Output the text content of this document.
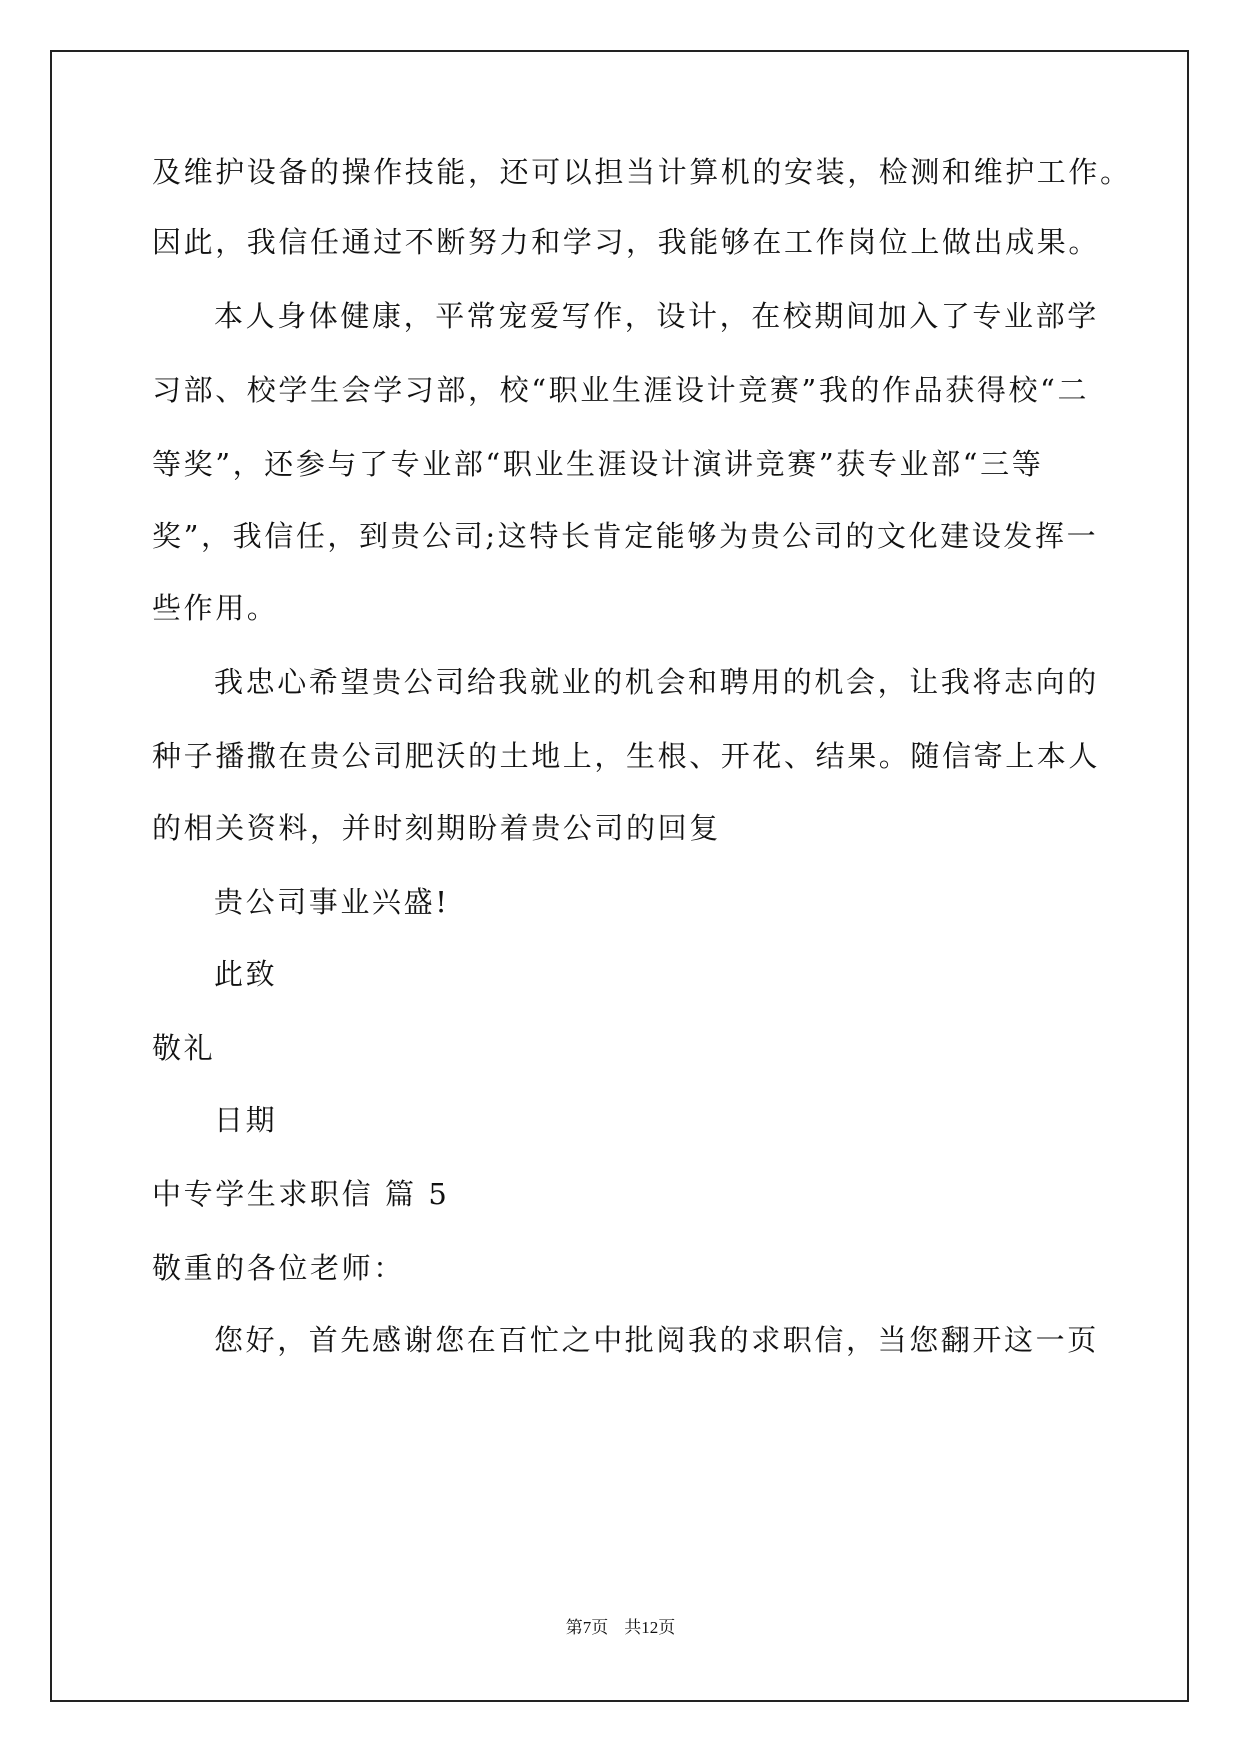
及维护设备的操作技能，还可以担当计算机的安装，检测和维护工作。
因此，我信任通过不断努力和学习，我能够在工作岗位上做出成果。
本人身体健康，平常宠爱写作，设计，在校期间加入了专业部学
习部、校学生会学习部，校“职业生涯设计竞赛”我的作品获得校“二
等奖”，还参与了专业部“职业生涯设计演讲竞赛”获专业部“三等
奖”，我信任，到贵公司;这特长肯定能够为贵公司的文化建设发挥一
些作用。
我忠心希望贵公司给我就业的机会和聘用的机会，让我将志向的
种子播撒在贵公司肥沃的土地上，生根、开花、结果。随信寄上本人
的相关资料，并时刻期盼着贵公司的回复
贵公司事业兴盛!
此致
敬礼
日期
中专学生求职信 篇 5
敬重的各位老师：
您好，首先感谢您在百忙之中批阅我的求职信，当您翻开这一页
第7页 共12页
